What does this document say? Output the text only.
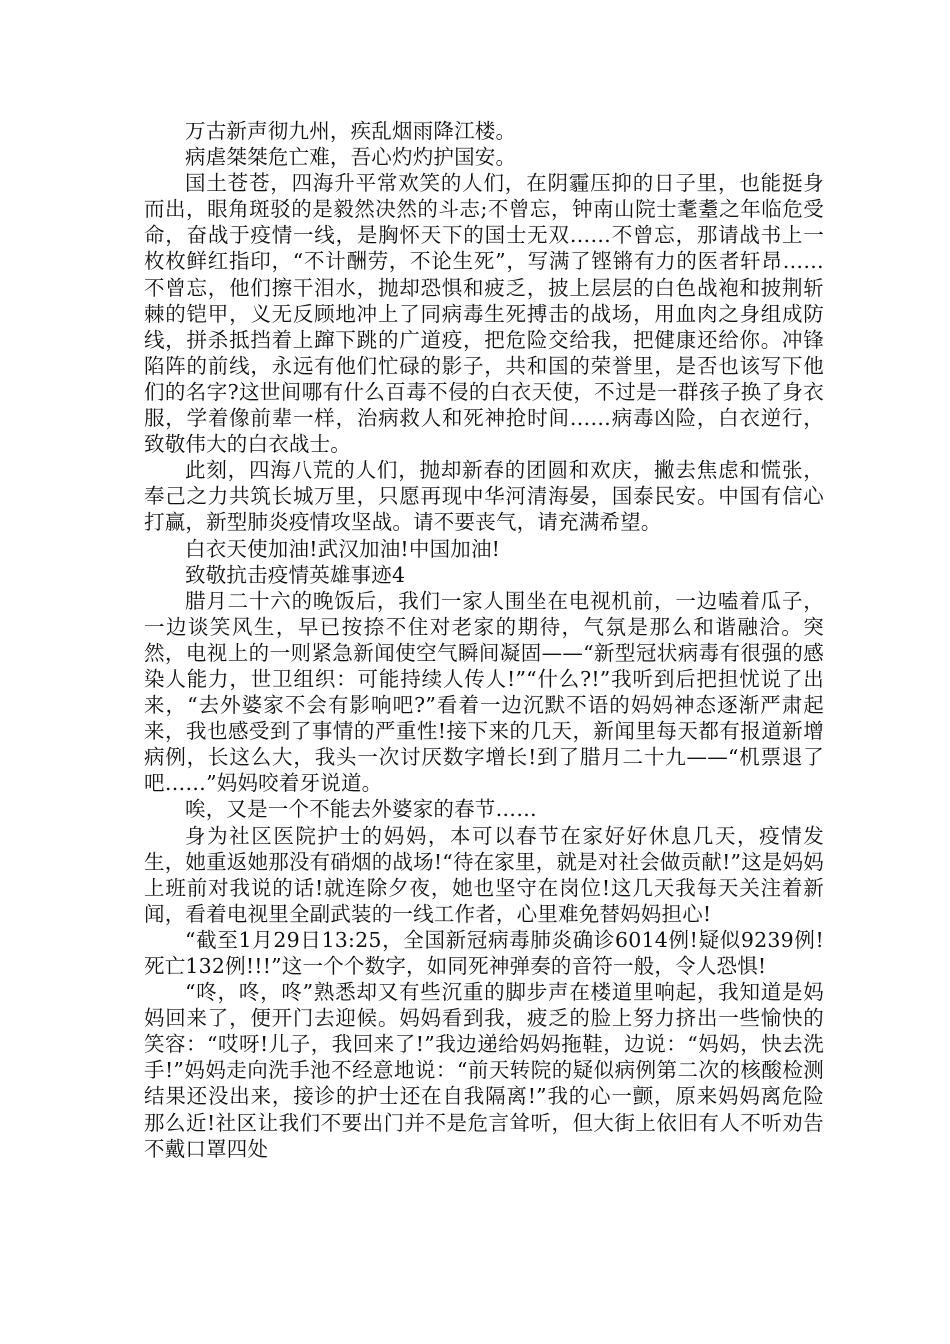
万古新声彻九州，疾乱烟雨降江楼。

病虐桀桀危亡难，吾心灼灼护国安。

国土苍苍，四海升平常欢笑的人们，在阴霾压抑的日子里，也能挺身而出，眼角斑驳的是毅然决然的斗志;不曾忘，钟南山院士耄耋之年临危受命，奋战于疫情一线，是胸怀天下的国士无双……不曾忘，那请战书上一枚枚鲜红指印，“不计酬劳，不论生死”，写满了铿锵有力的医者轩昂……不曾忘，他们擦干泪水，抛却恐惧和疲乏，披上层层的白色战袍和披荆斩棘的铠甲，义无反顾地冲上了同病毒生死搏击的战场，用血肉之身组成防线，拼杀抵挡着上蹿下跳的广道疫，把危险交给我，把健康还给你。冲锋陷阵的前线，永远有他们忙碌的影子，共和国的荣誉里，是否也该写下他们的名字?这世间哪有什么百毒不侵的白衣天使，不过是一群孩子换了身衣服，学着像前辈一样，治病救人和死神抢时间……病毒凶险，白衣逆行，致敬伟大的白衣战士。

此刻，四海八荒的人们，抛却新春的团圆和欢庆，撇去焦虑和慌张，奉己之力共筑长城万里，只愿再现中华河清海晏，国泰民安。中国有信心打赢，新型肺炎疫情攻坚战。请不要丧气，请充满希望。

白衣天使加油!武汉加油!中国加油!

致敬抗击疫情英雄事迹4

腊月二十六的晚饭后，我们一家人围坐在电视机前，一边嗑着瓜子，一边谈笑风生，早已按捺不住对老家的期待，气氛是那么和谐融洽。突然，电视上的一则紧急新闻使空气瞬间凝固——“新型冠状病毒有很强的感染人能力，世卫组织：可能持续人传人!”“什么?!”我听到后把担忧说了出来，“去外婆家不会有影响吧?”看着一边沉默不语的妈妈神态逐渐严肃起来，我也感受到了事情的严重性!接下来的几天，新闻里每天都有报道新增病例，长这么大，我头一次讨厌数字增长!到了腊月二十九——“机票退了吧……”妈妈咬着牙说道。

唉，又是一个不能去外婆家的春节……

身为社区医院护士的妈妈，本可以春节在家好好休息几天，疫情发生，她重返她那没有硝烟的战场!“待在家里，就是对社会做贡献!”这是妈妈上班前对我说的话!就连除夕夜，她也坚守在岗位!这几天我每天关注着新闻，看着电视里全副武装的一线工作者，心里难免替妈妈担心!

“截至1月29日13:25，全国新冠病毒肺炎确诊6014例!疑似9239例!死亡132例!!!”这一个个数字，如同死神弹奏的音符一般，令人恐惧!

“咚，咚，咚”熟悉却又有些沉重的脚步声在楼道里响起，我知道是妈妈回来了，便开门去迎候。妈妈看到我，疲乏的脸上努力挤出一些愉快的笑容：“哎呀!儿子，我回来了!”我边递给妈妈拖鞋，边说：“妈妈，快去洗手!”妈妈走向洗手池不经意地说：“前天转院的疑似病例第二次的核酸检测结果还没出来，接诊的护士还在自我隔离!”我的心一颤，原来妈妈离危险那么近!社区让我们不要出门并不是危言耸听，但大街上依旧有人不听劝告不戴口罩四处
